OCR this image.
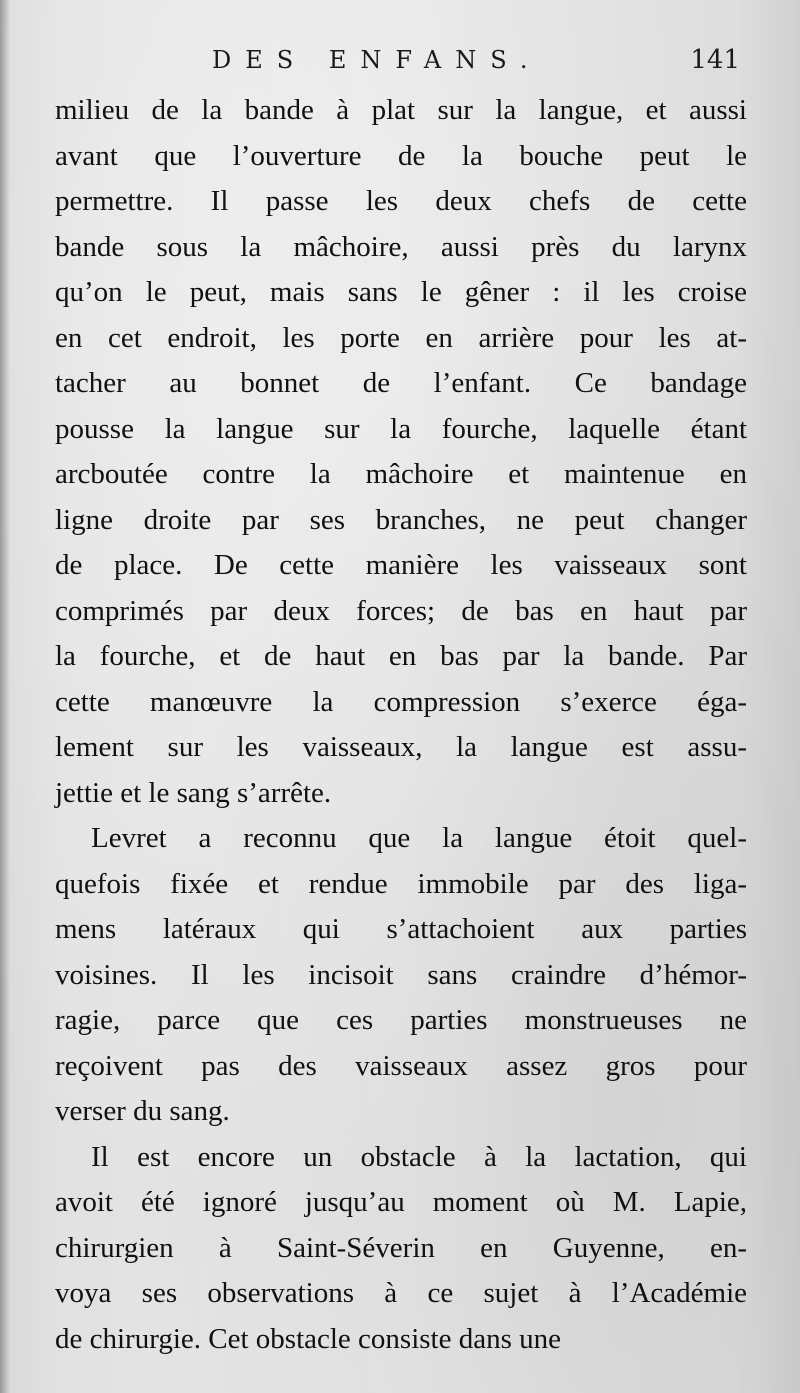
DES ENFANS.	141

milieu de la bande à plat sur la langue, et aussi
avant que l’ouverture de la bouche peut le
permettre. Il passe les deux chefs de cette
bande sous la mâchoire, aussi près du larynx
qu’on le peut, mais sans le gêner : il les croise
en cet endroit, les porte en arrière pour les at-
tacher au bonnet de l’enfant. Ce bandage
pousse la langue sur la fourche, laquelle étant
arcboutée contre la mâchoire et maintenue en
ligne droite par ses branches, ne peut changer
de place. De cette manière les vaisseaux sont
comprimés par deux forces; de bas en haut par
la fourche, et de haut en bas par la bande. Par
cette manœuvre la compression s’exerce éga-
lement sur les vaisseaux, la langue est assu-
jettie et le sang s’arrête.

Levret a reconnu que la langue étoit quel-
quefois fixée et rendue immobile par des liga-
mens latéraux qui s’attachoient aux parties
voisines. Il les incisoit sans craindre d’hémor-
ragie, parce que ces parties monstrueuses ne
reçoivent pas des vaisseaux assez gros pour
verser du sang.

Il est encore un obstacle à la lactation, qui
avoit été ignoré jusqu’au moment où M. Lapie,
chirurgien à Saint-Séverin en Guyenne, en-
voya ses observations à ce sujet à l’Académie
de chirurgie. Cet obstacle consiste dans une
